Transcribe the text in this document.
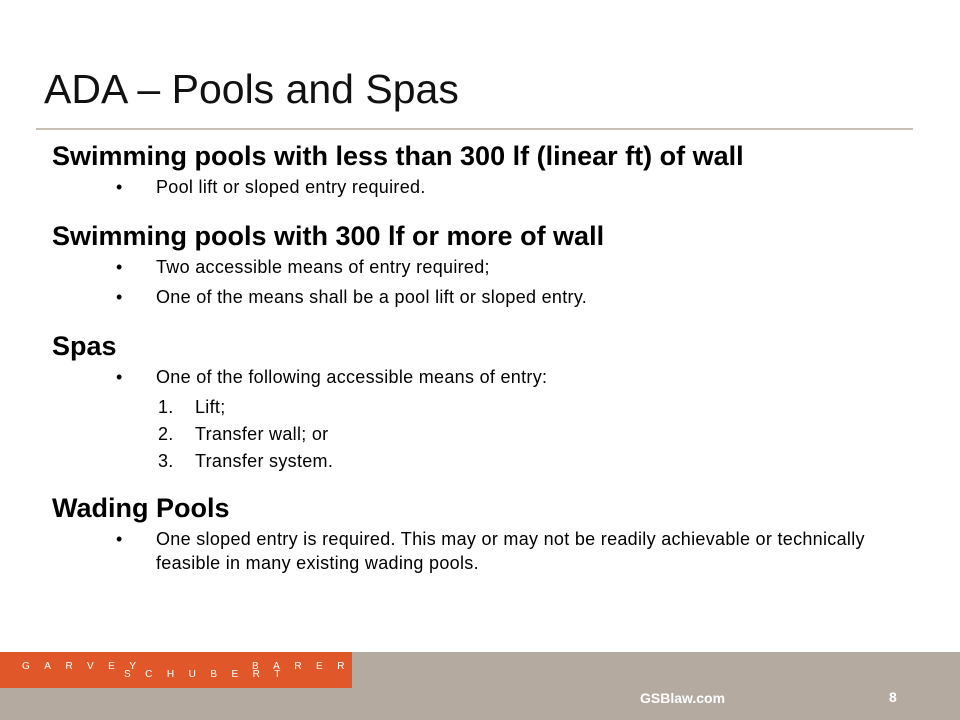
ADA – Pools and Spas
Swimming pools with less than 300 lf (linear ft) of wall
• Pool lift or sloped entry required.
Swimming pools with 300 lf or more of wall
• Two accessible means of entry required;
• One of the means shall be a pool lift or sloped entry.
Spas
• One of the following accessible means of entry:
1. Lift;
2. Transfer wall; or
3. Transfer system.
Wading Pools
• One sloped entry is required. This may or may not be readily achievable or technically feasible in many existing wading pools.
GARVEY
SCHUBERT
BARER
GSBlaw.com	8
